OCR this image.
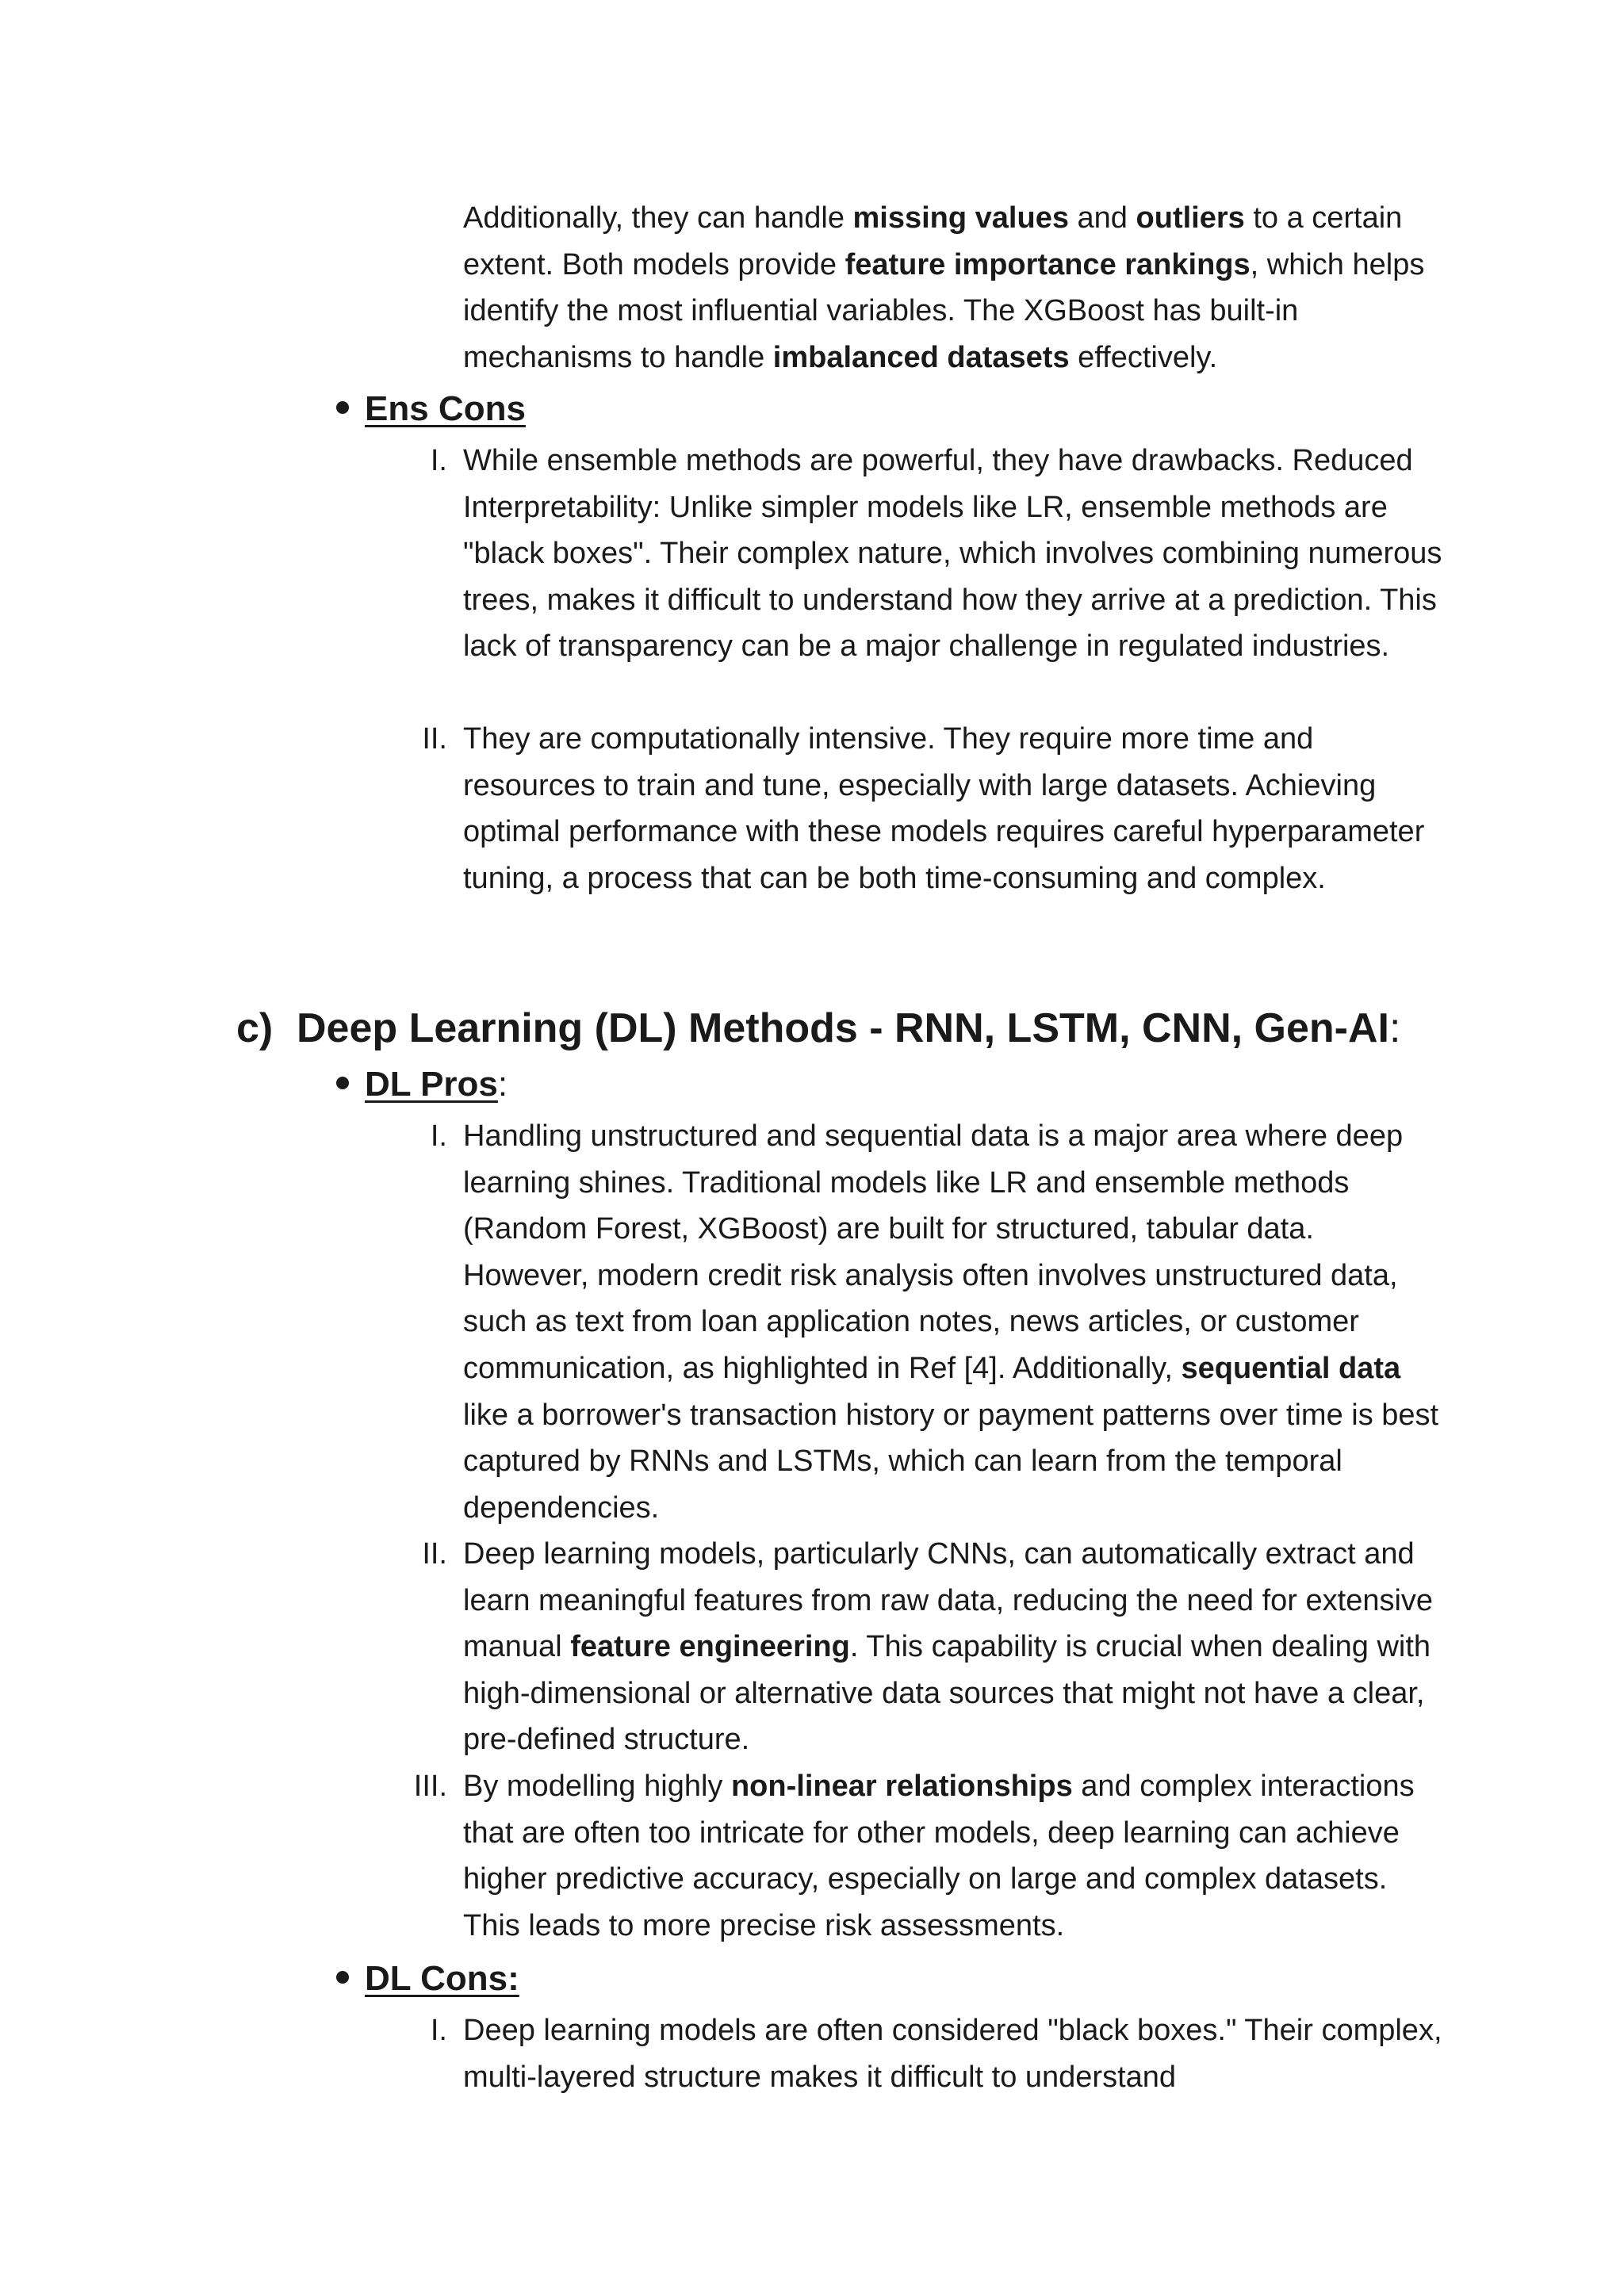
Additionally, they can handle missing values and outliers to a certain extent. Both models provide feature importance rankings, which helps identify the most influential variables. The XGBoost has built-in mechanisms to handle imbalanced datasets effectively.

Ens Cons
I. While ensemble methods are powerful, they have drawbacks. Reduced Interpretability: Unlike simpler models like LR, ensemble methods are "black boxes". Their complex nature, which involves combining numerous trees, makes it difficult to understand how they arrive at a prediction. This lack of transparency can be a major challenge in regulated industries.

II. They are computationally intensive. They require more time and resources to train and tune, especially with large datasets. Achieving optimal performance with these models requires careful hyperparameter tuning, a process that can be both time-consuming and complex.

c) Deep Learning (DL) Methods - RNN, LSTM, CNN, Gen-AI:
DL Pros:
I. Handling unstructured and sequential data is a major area where deep learning shines. Traditional models like LR and ensemble methods (Random Forest, XGBoost) are built for structured, tabular data. However, modern credit risk analysis often involves unstructured data, such as text from loan application notes, news articles, or customer communication, as highlighted in Ref [4]. Additionally, sequential data like a borrower's transaction history or payment patterns over time is best captured by RNNs and LSTMs, which can learn from the temporal dependencies.

II. Deep learning models, particularly CNNs, can automatically extract and learn meaningful features from raw data, reducing the need for extensive manual feature engineering. This capability is crucial when dealing with high-dimensional or alternative data sources that might not have a clear, pre-defined structure.

III. By modelling highly non-linear relationships and complex interactions that are often too intricate for other models, deep learning can achieve higher predictive accuracy, especially on large and complex datasets. This leads to more precise risk assessments.

DL Cons:
I. Deep learning models are often considered "black boxes." Their complex, multi-layered structure makes it difficult to understand
